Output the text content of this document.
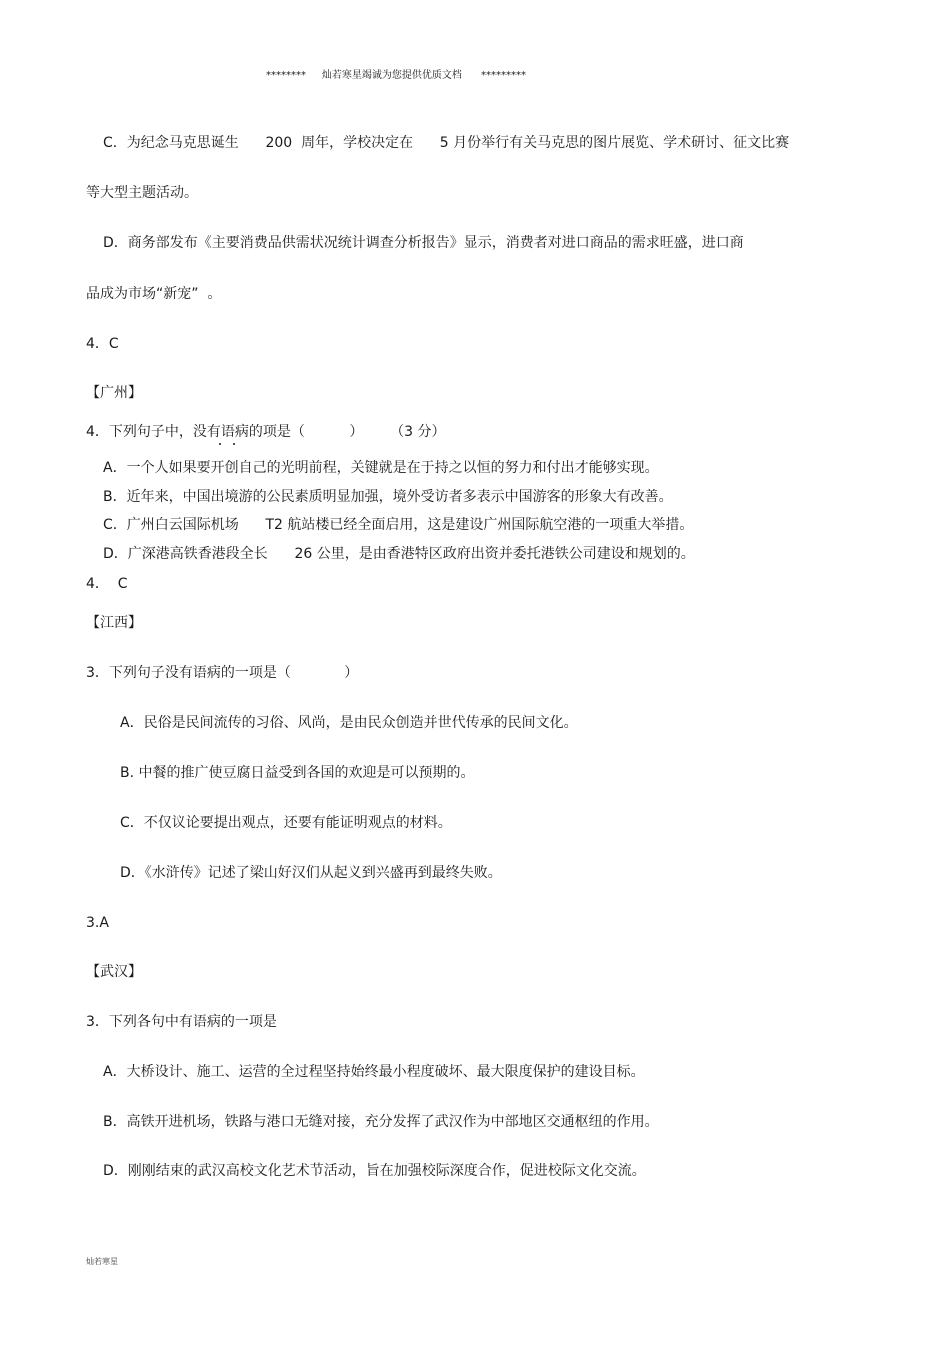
********     灿若寒星竭诚为您提供优质文档      *********
C．为纪念马克思诞生      200  周年，学校决定在      5 月份举行有关马克思的图片展览、学术研讨、征文比赛
等大型主题活动。
D．商务部发布《主要消费品供需状况统计调查分析报告》显示，消费者对进口商品的需求旺盛，进口商
品成为市场“新宠”  。
4．C
【广州】
4．下列句子中，没有语病的项是（          ）      （3 分）
A．一个人如果要开创自己的光明前程，关键就是在于持之以恒的努力和付出才能够实现。
B．近年来，中国出境游的公民素质明显加强，境外受访者多表示中国游客的形象大有改善。
C．广州白云国际机场      T2 航站楼已经全面启用，这是建设广州国际航空港的一项重大举措。
D．广深港高铁香港段全长      26 公里，是由香港特区政府出资并委托港铁公司建设和规划的。
4．  C
【江西】
3．下列句子没有语病的一项是（            ）
A．民俗是民间流传的习俗、风尚，是由民众创造并世代传承的民间文化。
B. 中餐的推广使豆腐日益受到各国的欢迎是可以预期的。
C．不仅议论要提出观点，还要有能证明观点的材料。
D．《水浒传》记述了梁山好汉们从起义到兴盛再到最终失败。
3.A
【武汉】
3．下列各句中有语病的一项是
A．大桥设计、施工、运营的全过程坚持始终最小程度破坏、最大限度保护的建设目标。
B．高铁开进机场，铁路与港口无缝对接，充分发挥了武汉作为中部地区交通枢纽的作用。
D．刚刚结束的武汉高校文化艺术节活动，旨在加强校际深度合作，促进校际文化交流。
灿若寒星
